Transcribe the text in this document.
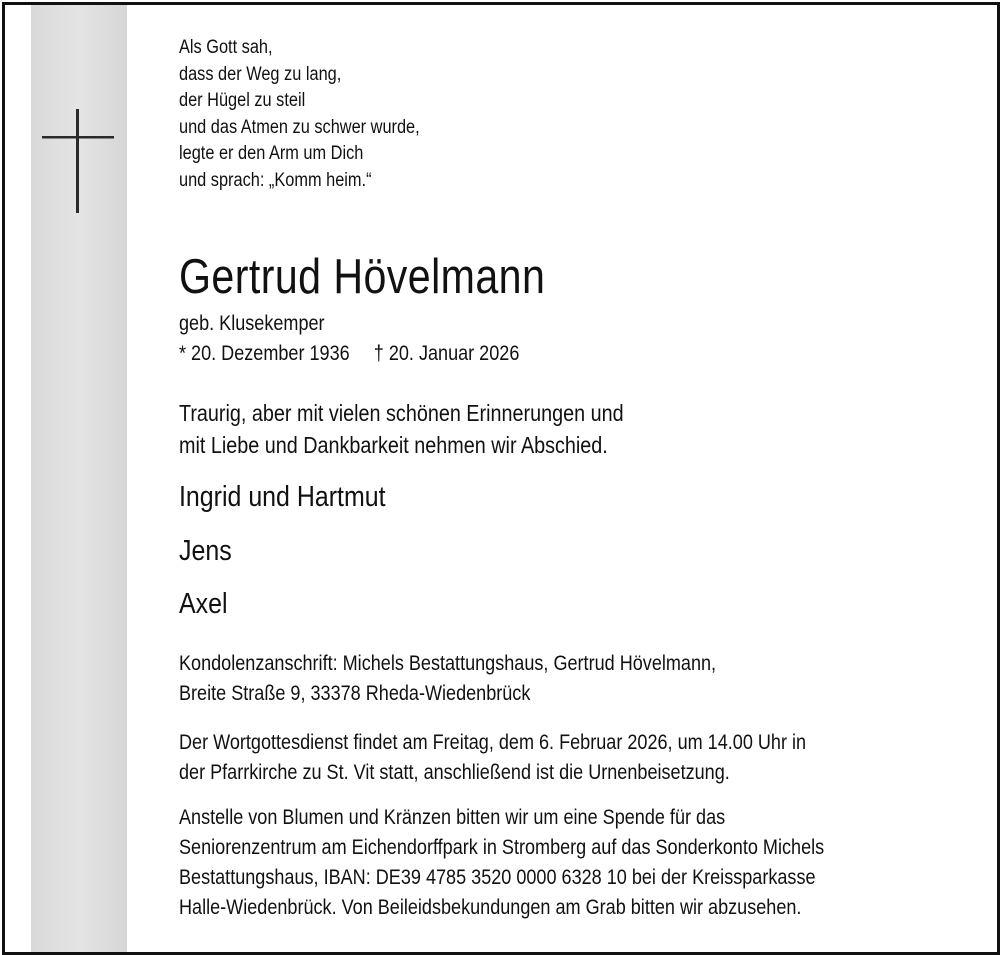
Als Gott sah,
dass der Weg zu lang,
der Hügel zu steil
und das Atmen zu schwer wurde,
legte er den Arm um Dich
und sprach: „Komm heim.“
Gertrud Hövelmann
geb. Klusekemper
* 20. Dezember 1936 † 20. Januar 2026
Traurig, aber mit vielen schönen Erinnerungen und
mit Liebe und Dankbarkeit nehmen wir Abschied.
Ingrid und Hartmut
Jens
Axel
Kondolenzanschrift: Michels Bestattungshaus, Gertrud Hövelmann,
Breite Straße 9, 33378 Rheda-Wiedenbrück
Der Wortgottesdienst findet am Freitag, dem 6. Februar 2026, um 14.00 Uhr in
der Pfarrkirche zu St. Vit statt, anschließend ist die Urnenbeisetzung.
Anstelle von Blumen und Kränzen bitten wir um eine Spende für das
Seniorenzentrum am Eichendorffpark in Stromberg auf das Sonderkonto Michels
Bestattungshaus, IBAN: DE39 4785 3520 0000 6328 10 bei der Kreissparkasse
Halle-Wiedenbrück. Von Beileidsbekundungen am Grab bitten wir abzusehen.
